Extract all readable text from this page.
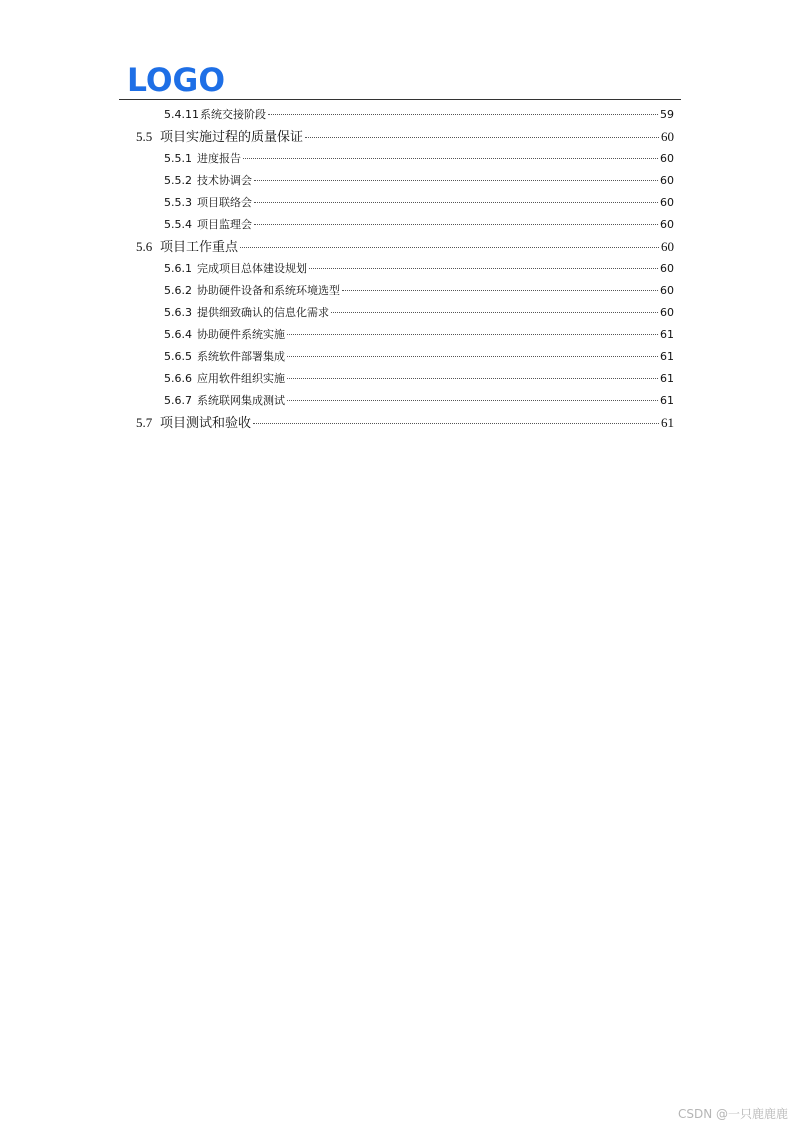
LOGO
5.4.11 系统交接阶段	59
5.5 项目实施过程的质量保证	60
5.5.1 进度报告	60
5.5.2 技术协调会	60
5.5.3 项目联络会	60
5.5.4 项目监理会	60
5.6 项目工作重点	60
5.6.1 完成项目总体建设规划	60
5.6.2 协助硬件设备和系统环境选型	60
5.6.3 提供细致确认的信息化需求	60
5.6.4 协助硬件系统实施	61
5.6.5 系统软件部署集成	61
5.6.6 应用软件组织实施	61
5.6.7 系统联网集成测试	61
5.7 项目测试和验收	61
CSDN @一只鹿鹿鹿
